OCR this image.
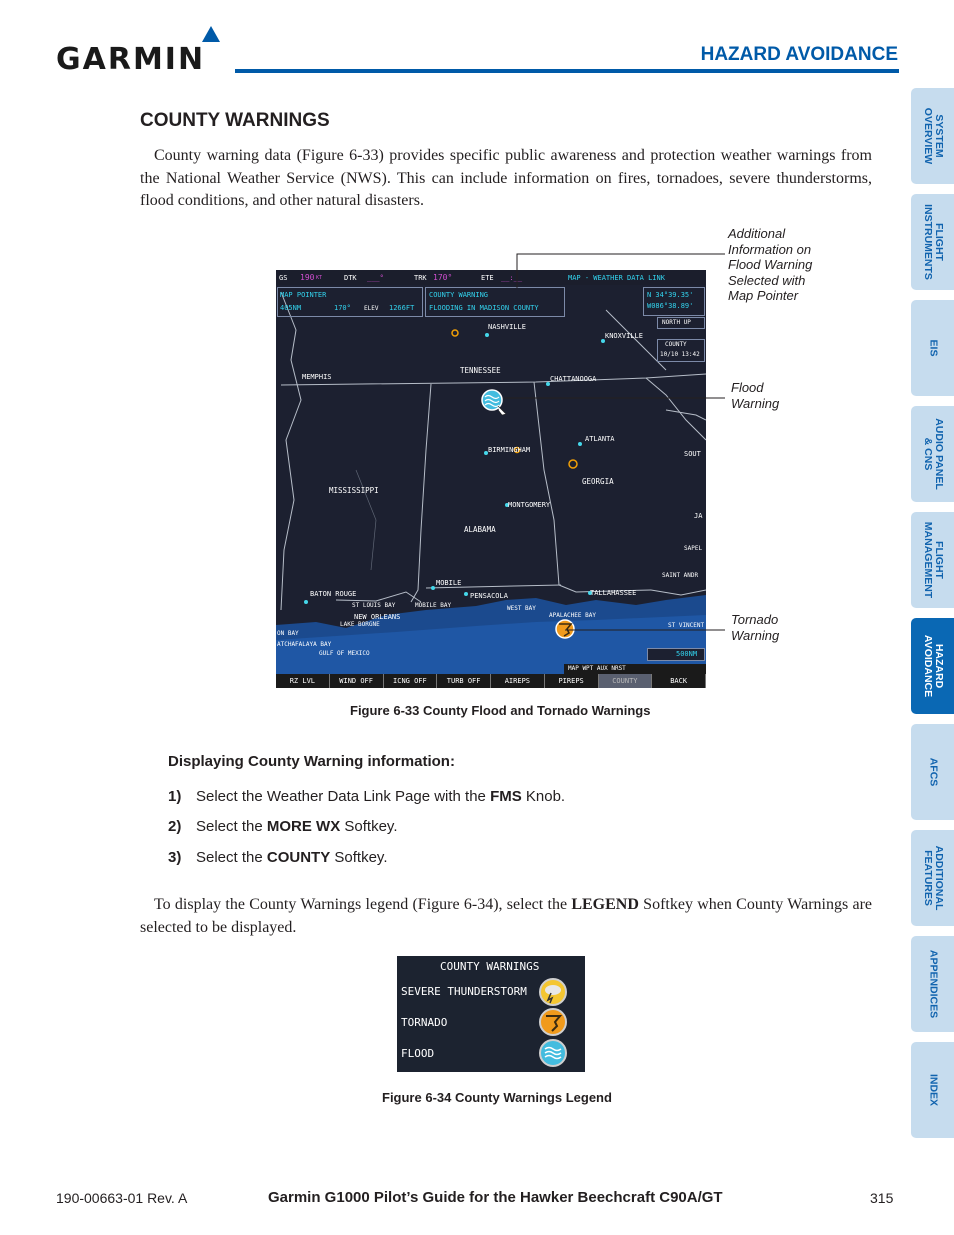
GARMIN	HAZARD AVOIDANCE
SYSTEM
OVERVIEW
FLIGHT
INSTRUMENTS
EIS
AUDIO PANEL
& CNS
FLIGHT
MANAGEMENT
HAZARD
AVOIDANCE
AFCS
ADDITIONAL
FEATURES
APPENDICES
INDEX
COUNTY WARNINGS
County warning data (Figure 6-33) provides specific public awareness and protection weather warnings from the National Weather Service (NWS). This can include information on fires, tornadoes, severe thunderstorms, flood conditions, and other natural disasters.
GS 190 KT	DTK ___°	TRK 170°	ETE __:__	MAP - WEATHER DATA LINK
MAP POINTER
405NM	170° ELEV 1266FT
COUNTY WARNING
FLOODING IN MADISON COUNTY
N 34°39.35'
W086°38.89'
NORTH UP
COUNTY
10/10 13:42
NASHVILLE
KNOXVILLE
TENNESSEE
MEMPHIS	CHATTANOOGA
ATLANTA
BIRMINGHAM	SOUT
GEORGIA
MISSISSIPPI
MONTGOMERY
ALABAMA
JA
SAPEL
MOBILE
PENSACOLA	TALLAHASSEE
SAINT ANDR
BATON ROUGE
ST LOUIS BAY	MOBILE BAY	WEST BAY
NEW ORLEANS
LAKE BORGNE	ST VINCENT
APALACHEE BAY
ON BAY
ATCHAFALAYA BAY
GULF OF MEXICO	500NM
MAP WPT AUX NRST
RZ LVL	WIND OFF	ICNG OFF	TURB OFF	AIREPS	PIREPS	COUNTY	BACK
Additional
Information on
Flood Warning
Selected with
Map Pointer
Flood
Warning
Tornado
Warning
Figure 6-33 County Flood and Tornado Warnings
Displaying County Warning information:
1) Select the Weather Data Link Page with the FMS Knob.
2) Select the MORE WX Softkey.
3) Select the COUNTY Softkey.
To display the County Warnings legend (Figure 6-34), select the LEGEND Softkey when County Warnings are selected to be displayed.
COUNTY WARNINGS
SEVERE THUNDERSTORM
TORNADO
FLOOD
Figure 6-34 County Warnings Legend
190-00663-01 Rev. A	Garmin G1000 Pilot’s Guide for the Hawker Beechcraft C90A/GT	315
